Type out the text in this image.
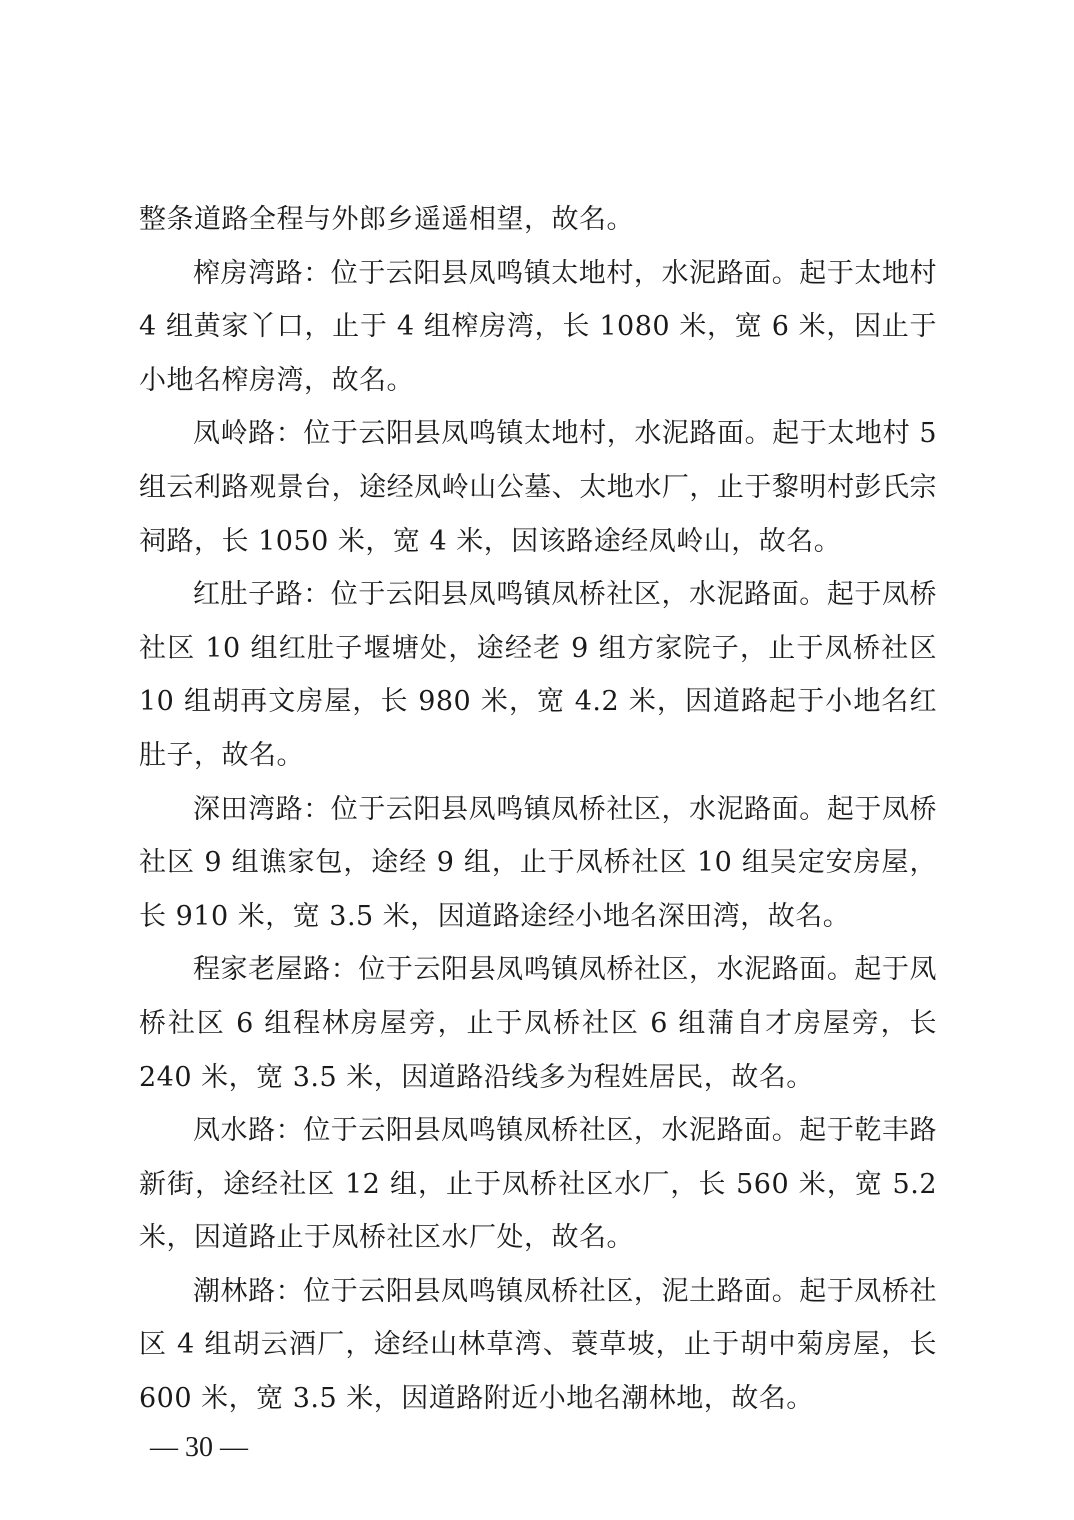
整条道路全程与外郎乡遥遥相望，故名。

榨房湾路：位于云阳县凤鸣镇太地村，水泥路面。起于太地村 4 组黄家丫口，止于 4 组榨房湾，长 1080 米，宽 6 米，因止于小地名榨房湾，故名。

凤岭路：位于云阳县凤鸣镇太地村，水泥路面。起于太地村 5 组云利路观景台，途经凤岭山公墓、太地水厂，止于黎明村彭氏宗祠路，长 1050 米，宽 4 米，因该路途经凤岭山，故名。

红肚子路：位于云阳县凤鸣镇凤桥社区，水泥路面。起于凤桥社区 10 组红肚子堰塘处，途经老 9 组方家院子，止于凤桥社区 10 组胡再文房屋，长 980 米，宽 4.2 米，因道路起于小地名红肚子，故名。

深田湾路：位于云阳县凤鸣镇凤桥社区，水泥路面。起于凤桥社区 9 组谯家包，途经 9 组，止于凤桥社区 10 组吴定安房屋，长 910 米，宽 3.5 米，因道路途经小地名深田湾，故名。

程家老屋路：位于云阳县凤鸣镇凤桥社区，水泥路面。起于凤桥社区 6 组程林房屋旁，止于凤桥社区 6 组蒲自才房屋旁，长 240 米，宽 3.5 米，因道路沿线多为程姓居民，故名。

凤水路：位于云阳县凤鸣镇凤桥社区，水泥路面。起于乾丰路新街，途经社区 12 组，止于凤桥社区水厂，长 560 米，宽 5.2 米，因道路止于凤桥社区水厂处，故名。

潮林路：位于云阳县凤鸣镇凤桥社区，泥土路面。起于凤桥社区 4 组胡云酒厂，途经山林草湾、蓑草坡，止于胡中菊房屋，长 600 米，宽 3.5 米，因道路附近小地名潮林地，故名。

— 30 —
